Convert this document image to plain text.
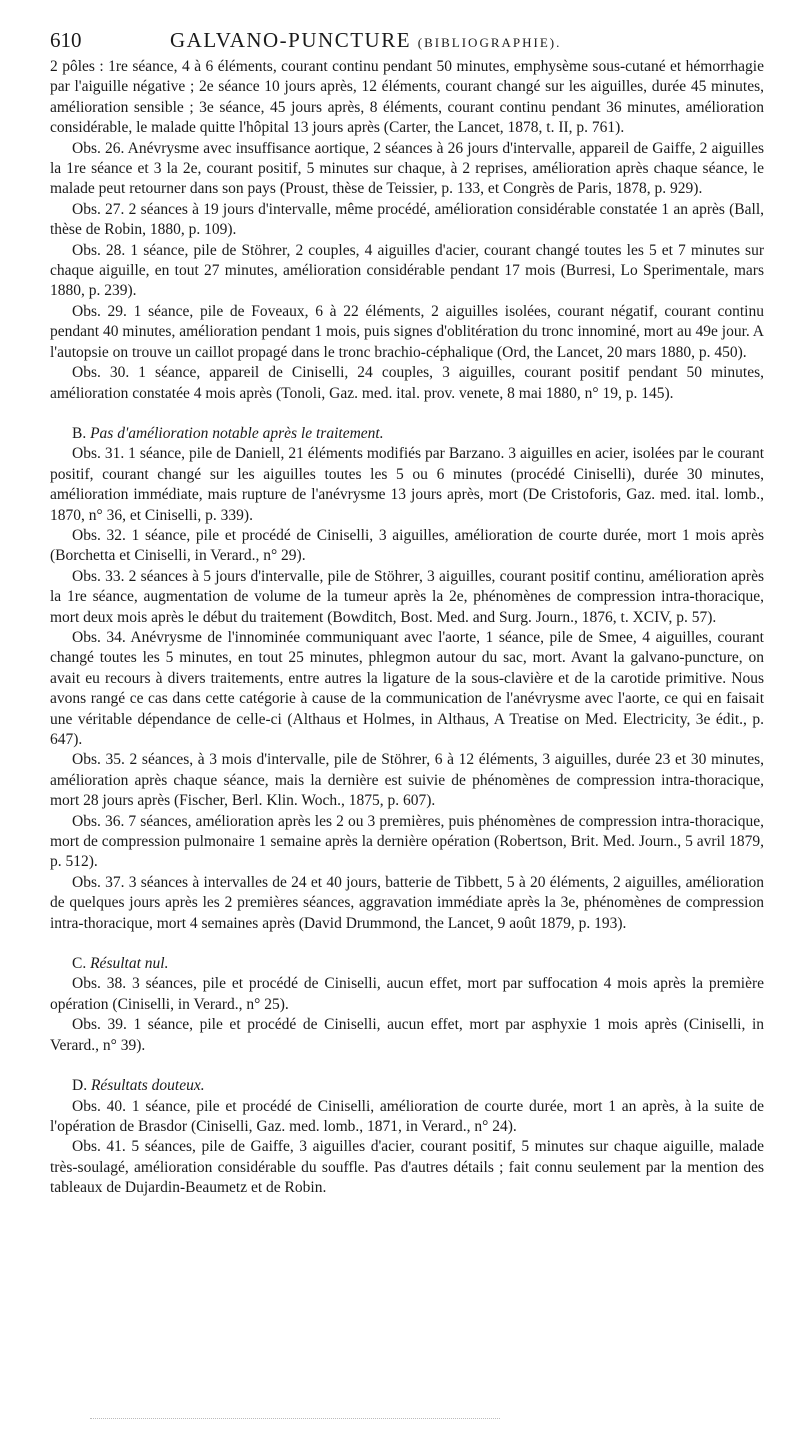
610	GALVANO-PUNCTURE (BIBLIOGRAPHIE).

2 pôles : 1re séance, 4 à 6 éléments, courant continu pendant 50 minutes, emphysème sous-cutané et hémorrhagie par l'aiguille négative ; 2e séance 10 jours après, 12 éléments, courant changé sur les aiguilles, durée 45 minutes, amélioration sensible ; 3e séance, 45 jours après, 8 éléments, courant continu pendant 36 minutes, amélioration considérable, le malade quitte l'hôpital 13 jours après (Carter, the Lancet, 1878, t. II, p. 761).

Obs. 26. Anévrysme avec insuffisance aortique, 2 séances à 26 jours d'intervalle, appareil de Gaiffe, 2 aiguilles la 1re séance et 3 la 2e, courant positif, 5 minutes sur chaque, à 2 reprises, amélioration après chaque séance, le malade peut retourner dans son pays (Proust, thèse de Teissier, p. 133, et Congrès de Paris, 1878, p. 929).

Obs. 27. 2 séances à 19 jours d'intervalle, même procédé, amélioration considérable constatée 1 an après (Ball, thèse de Robin, 1880, p. 109).

Obs. 28. 1 séance, pile de Stöhrer, 2 couples, 4 aiguilles d'acier, courant changé toutes les 5 et 7 minutes sur chaque aiguille, en tout 27 minutes, amélioration considérable pendant 17 mois (Burresi, Lo Sperimentale, mars 1880, p. 239).

Obs. 29. 1 séance, pile de Foveaux, 6 à 22 éléments, 2 aiguilles isolées, courant négatif, courant continu pendant 40 minutes, amélioration pendant 1 mois, puis signes d'oblitération du tronc innominé, mort au 49e jour. A l'autopsie on trouve un caillot propagé dans le tronc brachio-céphalique (Ord, the Lancet, 20 mars 1880, p. 450).

Obs. 30. 1 séance, appareil de Ciniselli, 24 couples, 3 aiguilles, courant positif pendant 50 minutes, amélioration constatée 4 mois après (Tonoli, Gaz. med. ital. prov. venete, 8 mai 1880, n° 19, p. 145).

B. Pas d'amélioration notable après le traitement.

Obs. 31. 1 séance, pile de Daniell, 21 éléments modifiés par Barzano. 3 aiguilles en acier, isolées par le courant positif, courant changé sur les aiguilles toutes les 5 ou 6 minutes (procédé Ciniselli), durée 30 minutes, amélioration immédiate, mais rupture de l'anévrysme 13 jours après, mort (De Cristoforis, Gaz. med. ital. lomb., 1870, n° 36, et Ciniselli, p. 339).

Obs. 32. 1 séance, pile et procédé de Ciniselli, 3 aiguilles, amélioration de courte durée, mort 1 mois après (Borchetta et Ciniselli, in Verard., n° 29).

Obs. 33. 2 séances à 5 jours d'intervalle, pile de Stöhrer, 3 aiguilles, courant positif continu, amélioration après la 1re séance, augmentation de volume de la tumeur après la 2e, phénomènes de compression intra-thoracique, mort deux mois après le début du traitement (Bowditch, Bost. Med. and Surg. Journ., 1876, t. XCIV, p. 57).

Obs. 34. Anévrysme de l'innominée communiquant avec l'aorte, 1 séance, pile de Smee, 4 aiguilles, courant changé toutes les 5 minutes, en tout 25 minutes, phlegmon autour du sac, mort. Avant la galvano-puncture, on avait eu recours à divers traitements, entre autres la ligature de la sous-clavière et de la carotide primitive. Nous avons rangé ce cas dans cette catégorie à cause de la communication de l'anévrysme avec l'aorte, ce qui en faisait une véritable dépendance de celle-ci (Althaus et Holmes, in Althaus, A Treatise on Med. Electricity, 3e édit., p. 647).

Obs. 35. 2 séances, à 3 mois d'intervalle, pile de Stöhrer, 6 à 12 éléments, 3 aiguilles, durée 23 et 30 minutes, amélioration après chaque séance, mais la dernière est suivie de phénomènes de compression intra-thoracique, mort 28 jours après (Fischer, Berl. Klin. Woch., 1875, p. 607).

Obs. 36. 7 séances, amélioration après les 2 ou 3 premières, puis phénomènes de compression intra-thoracique, mort de compression pulmonaire 1 semaine après la dernière opération (Robertson, Brit. Med. Journ., 5 avril 1879, p. 512).

Obs. 37. 3 séances à intervalles de 24 et 40 jours, batterie de Tibbett, 5 à 20 éléments, 2 aiguilles, amélioration de quelques jours après les 2 premières séances, aggravation immédiate après la 3e, phénomènes de compression intra-thoracique, mort 4 semaines après (David Drummond, the Lancet, 9 août 1879, p. 193).

C. Résultat nul.

Obs. 38. 3 séances, pile et procédé de Ciniselli, aucun effet, mort par suffocation 4 mois après la première opération (Ciniselli, in Verard., n° 25).

Obs. 39. 1 séance, pile et procédé de Ciniselli, aucun effet, mort par asphyxie 1 mois après (Ciniselli, in Verard., n° 39).

D. Résultats douteux.

Obs. 40. 1 séance, pile et procédé de Ciniselli, amélioration de courte durée, mort 1 an après, à la suite de l'opération de Brasdor (Ciniselli, Gaz. med. lomb., 1871, in Verard., n° 24).

Obs. 41. 5 séances, pile de Gaiffe, 3 aiguilles d'acier, courant positif, 5 minutes sur chaque aiguille, malade très-soulagé, amélioration considérable du souffle. Pas d'autres détails ; fait connu seulement par la mention des tableaux de Dujardin-Beaumetz et de Robin.
